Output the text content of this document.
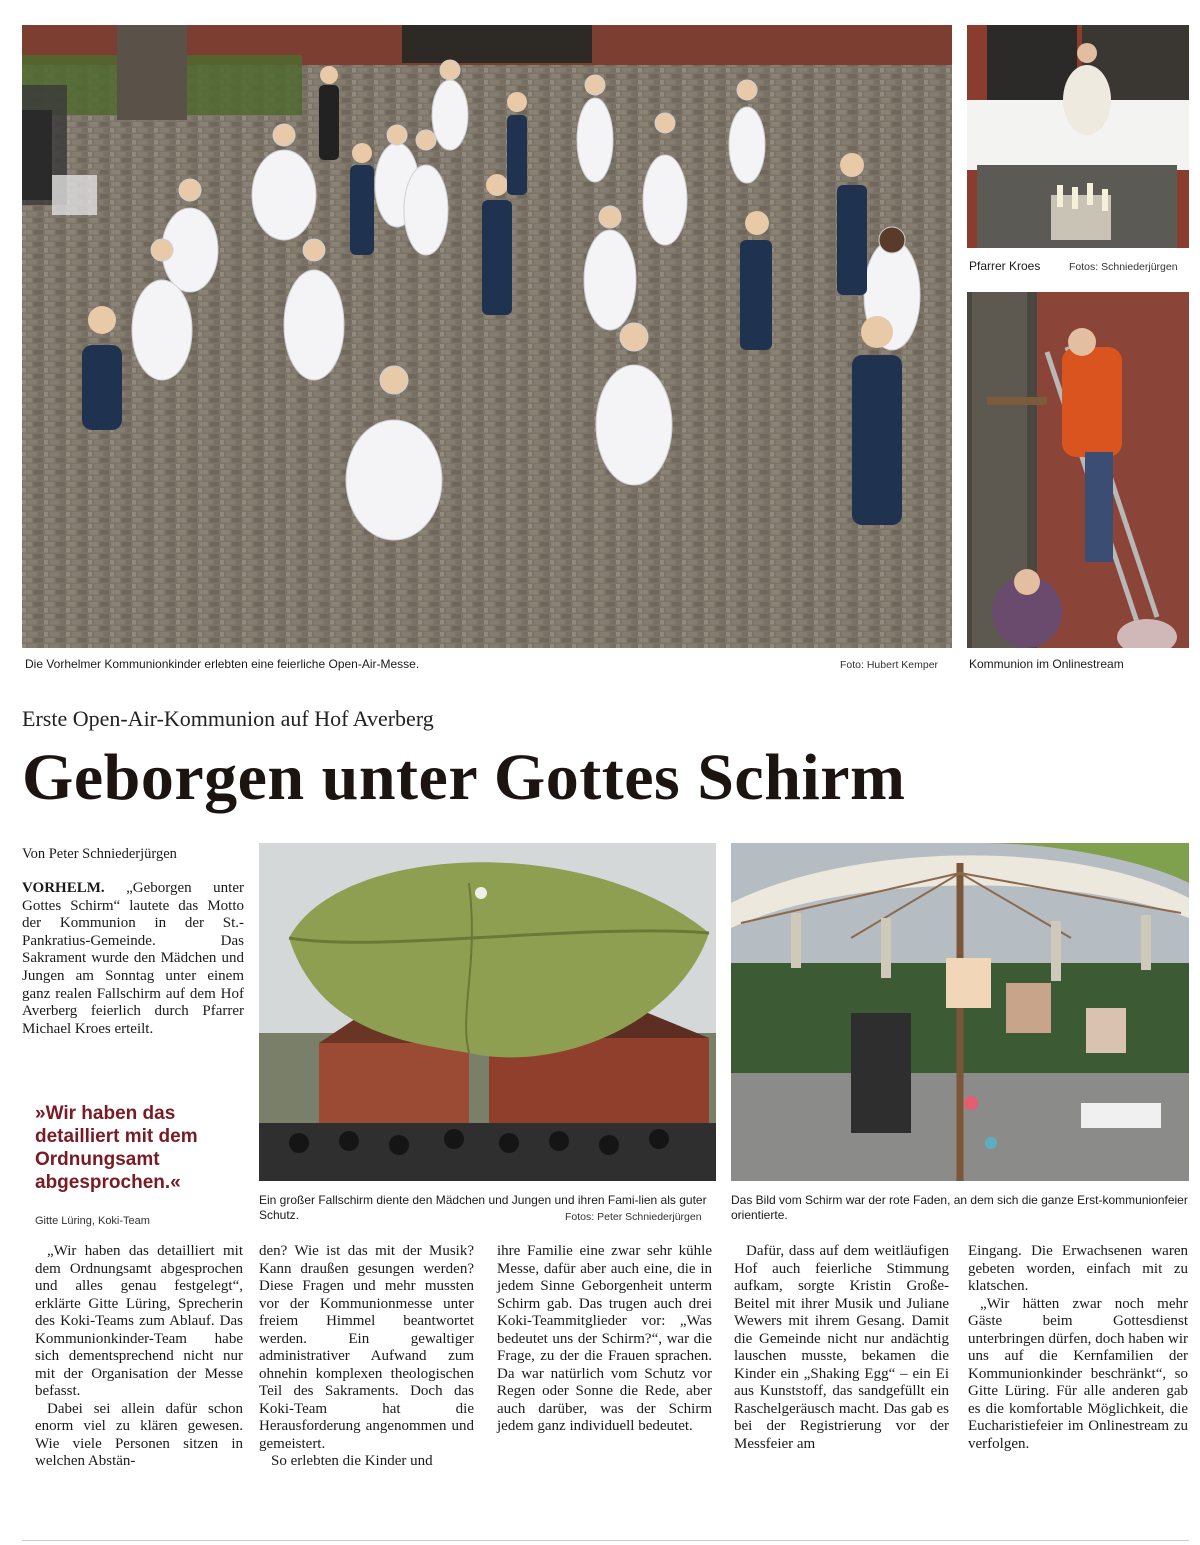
Die Vorhelmer Kommunionkinder erlebten eine feierliche Open-Air-Messe.	Foto: Hubert Kemper
Pfarrer Kroes	Fotos: Schniederjürgen
Kommunion im Onlinestream
Erste Open-Air-Kommunion auf Hof Averberg
Geborgen unter Gottes Schirm
Von Peter Schniederjürgen

VORHELM. „Geborgen unter Gottes Schirm“ lautete das Motto der Kommunion in der St.-Pankratius-Gemeinde. Das Sakrament wurde den Mädchen und Jungen am Sonntag unter einem ganz realen Fallschirm auf dem Hof Averberg feierlich durch Pfarrer Michael Kroes erteilt.

»Wir haben das detailliert mit dem Ordnungsamt abgesprochen.«

Gitte Lüring, Koki-Team
Ein großer Fallschirm diente den Mädchen und Jungen und ihren Fami-lien als guter Schutz.	Fotos: Peter Schniederjürgen
Das Bild vom Schirm war der rote Faden, an dem sich die ganze Erst-kommunionfeier orientierte.

„Wir haben das detailliert mit dem Ordnungsamt abgesprochen und alles genau festgelegt“, erklärte Gitte Lüring, Sprecherin des Koki-Teams zum Ablauf. Das Kommunionkinder-Team habe sich dementsprechend nicht nur mit der Organisation der Messe befasst.

Dabei sei allein dafür schon enorm viel zu klären gewesen. Wie viele Personen sitzen in welchen Abstän-

den? Wie ist das mit der Musik? Kann draußen gesungen werden? Diese Fragen und mehr mussten vor der Kommunionmesse unter freiem Himmel beantwortet werden. Ein gewaltiger administrativer Aufwand zum ohnehin komplexen theologischen Teil des Sakraments. Doch das Koki-Team hat die Herausforderung angenommen und gemeistert.

So erlebten die Kinder und

ihre Familie eine zwar sehr kühle Messe, dafür aber auch eine, die in jedem Sinne Geborgenheit unterm Schirm gab. Das trugen auch drei Koki-Teammitglieder vor: „Was bedeutet uns der Schirm?“, war die Frage, zu der die Frauen sprachen. Da war natürlich vom Schutz vor Regen oder Sonne die Rede, aber auch darüber, was der Schirm jedem ganz individuell bedeutet.

Dafür, dass auf dem weitläufigen Hof auch feierliche Stimmung aufkam, sorgte Kristin Große-Beitel mit ihrer Musik und Juliane Wewers mit ihrem Gesang. Damit die Gemeinde nicht nur andächtig lauschen musste, bekamen die Kinder ein „Shaking Egg“ – ein Ei aus Kunststoff, das sandgefüllt ein Raschelgeräusch macht. Das gab es bei der Registrierung vor der Messfeier am

Eingang. Die Erwachsenen waren gebeten worden, einfach mit zu klatschen.

„Wir hätten zwar noch mehr Gäste beim Gottesdienst unterbringen dürfen, doch haben wir uns auf die Kernfamilien der Kommunionkinder beschränkt“, so Gitte Lüring. Für alle anderen gab es die komfortable Möglichkeit, die Eucharistiefeier im Onlinestream zu verfolgen.
